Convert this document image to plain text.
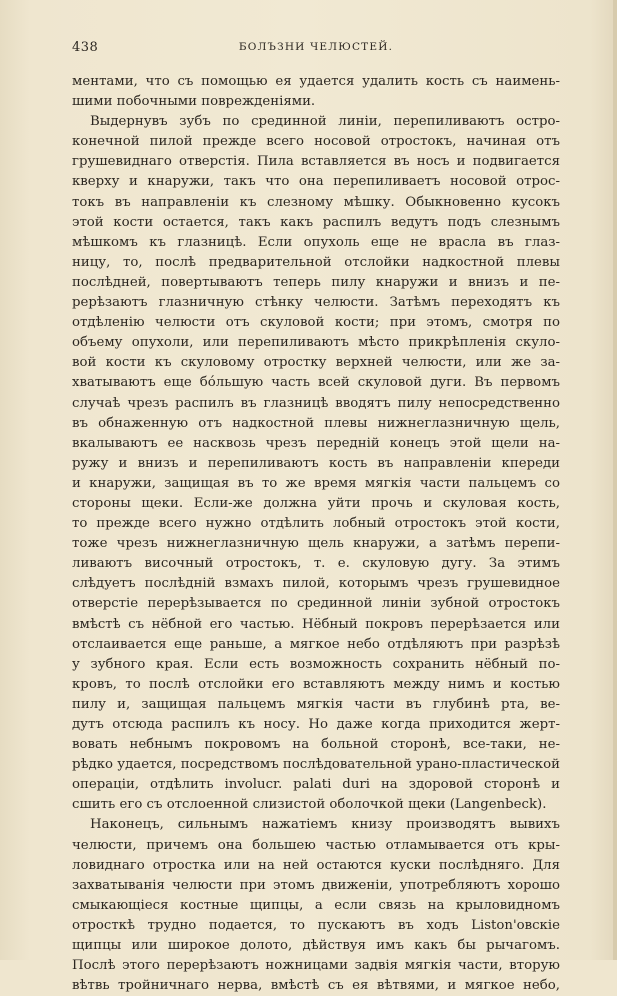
438	БОЛЪЗНИ ЧЕЛЮСТЕЙ.
ментами, что съ помощью ея удается удалить кость съ наимень-
шими побочными поврежденіями.
Выдернувъ зубъ по срединной линіи, перепиливаютъ остро-
конечной пилой прежде всего носовой отростокъ, начиная отъ
грушевиднаго отверстія. Пила вставляется въ носъ и подвигается
кверху и кнаружи, такъ что она перепиливаетъ носовой отрос-
токъ въ направленіи къ слезному мѣшку. Обыкновенно кусокъ
этой кости остается, такъ какъ распилъ ведутъ подъ слезнымъ
мѣшкомъ къ глазницѣ. Если опухоль еще не врасла въ глаз-
ницу, то, послѣ предварительной отслойки надкостной плевы
послѣдней, повертываютъ теперь пилу кнаружи и внизъ и пе-
рерѣзаютъ глазничную стѣнку челюсти. Затѣмъ переходятъ къ
отдѣленію челюсти отъ скуловой кости; при этомъ, смотря по
объему опухоли, или перепиливаютъ мѣсто прикрѣпленія скуло-
вой кости къ скуловому отростку верхней челюсти, или же за-
хватываютъ еще бóльшую часть всей скуловой дуги. Въ первомъ
случаѣ чрезъ распилъ въ глазницѣ вводятъ пилу непосредственно
въ обнаженную отъ надкостной плевы нижнеглазничную щель,
вкалываютъ ее насквозь чрезъ передній конецъ этой щели на-
ружу и внизъ и перепиливаютъ кость въ направленіи кпереди
и кнаружи, защищая въ то же время мягкія части пальцемъ со
стороны щеки. Если-же должна уйти прочь и скуловая кость,
то прежде всего нужно отдѣлить лобный отростокъ этой кости,
тоже чрезъ нижнеглазничную щель кнаружи, а затѣмъ перепи-
ливаютъ височный отростокъ, т. е. скуловую дугу. За этимъ
слѣдуетъ послѣдній взмахъ пилой, которымъ чрезъ грушевидное
отверстіе перерѣзывается по срединной линіи зубной отростокъ
вмѣстѣ съ нёбной его частью. Нёбный покровъ перерѣзается или
отслаивается еще раньше, а мягкое небо отдѣляютъ при разрѣзѣ
у зубного края. Если есть возможность сохранить нёбный по-
кровъ, то послѣ отслойки его вставляютъ между нимъ и костью
пилу и, защищая пальцемъ мягкія части въ глубинѣ рта, ве-
дутъ отсюда распилъ къ носу. Но даже когда приходится жерт-
вовать небнымъ покровомъ на больной сторонѣ, все-таки, не-
рѣдко удается, посредствомъ послѣдовательной урано-пластической
операціи, отдѣлить involucr. palati duri на здоровой сторонѣ и
сшить его съ отслоенной слизистой оболочкой щеки (Langenbeck).
Наконецъ, сильнымъ нажатіемъ книзу производятъ вывихъ
челюсти, причемъ она большею частью отламывается отъ кры-
ловиднаго отростка или на ней остаются куски послѣдняго. Для
захватыванія челюсти при этомъ движеніи, употребляютъ хорошо
смыкающіеся костные щипцы, а если связь на крыловидномъ
отросткѣ трудно подается, то пускаютъ въ ходъ Liston'овскіе
щипцы или широкое долото, дѣйствуя имъ какъ бы рычагомъ.
Послѣ этого перерѣзаютъ ножницами задвія мягкія части, вторую
вѣтвь тройничнаго нерва, вмѣстѣ съ ея вѣтвями, и мягкое небо,
